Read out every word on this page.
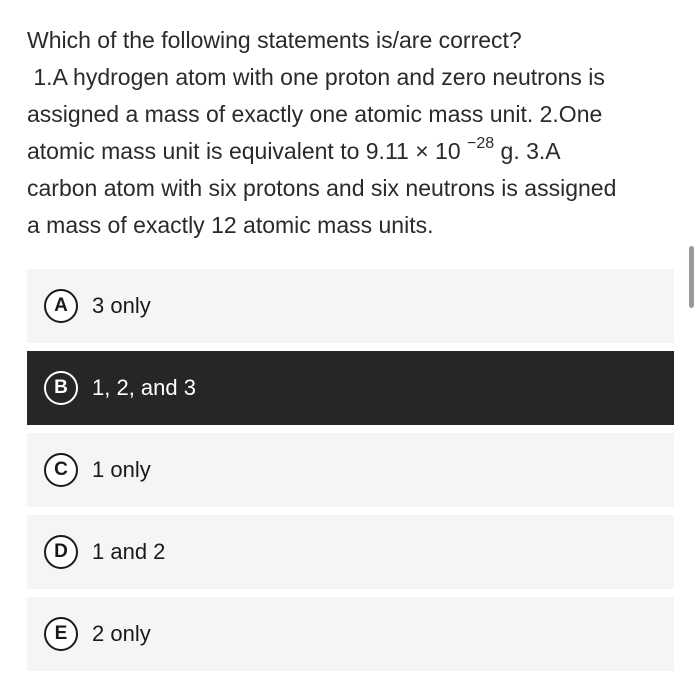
Which of the following statements is/are correct?
1.A hydrogen atom with one proton and zero neutrons is
assigned a mass of exactly one atomic mass unit. 2.One
atomic mass unit is equivalent to 9.11 × 10 $^{-28}$ g. 3.A
carbon atom with six protons and six neutrons is assigned
a mass of exactly 12 atomic mass units.
A	3 only
B	1, 2, and 3
C	1 only
D	1 and 2
E	2 only
